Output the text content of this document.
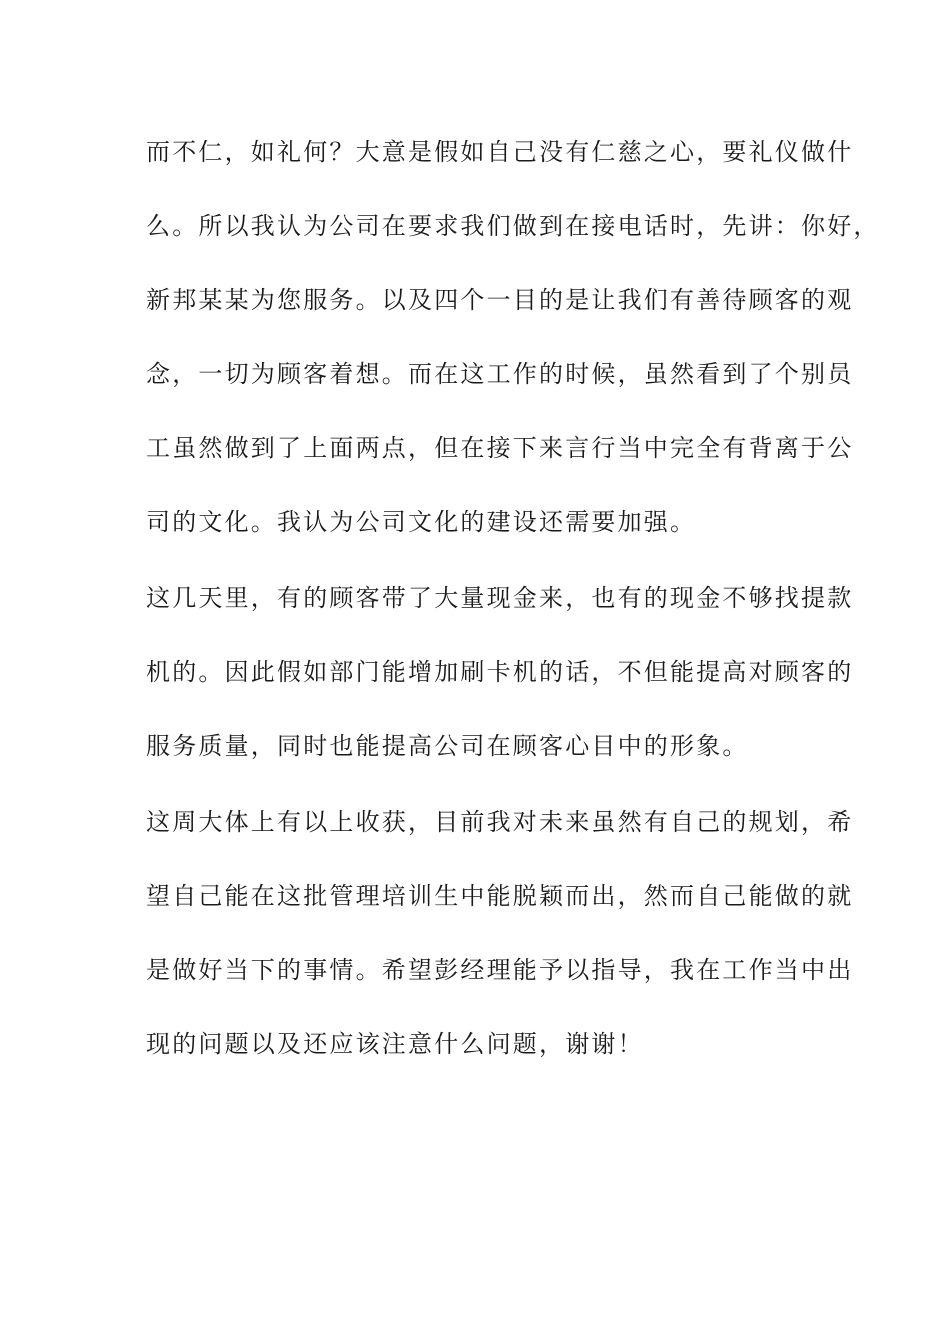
而不仁，如礼何？大意是假如自己没有仁慈之心，要礼仪做什
么。所以我认为公司在要求我们做到在接电话时，先讲：你好，
新邦某某为您服务。以及四个一目的是让我们有善待顾客的观
念，一切为顾客着想。而在这工作的时候，虽然看到了个别员
工虽然做到了上面两点，但在接下来言行当中完全有背离于公
司的文化。我认为公司文化的建设还需要加强。
这几天里，有的顾客带了大量现金来，也有的现金不够找提款
机的。因此假如部门能增加刷卡机的话，不但能提高对顾客的
服务质量，同时也能提高公司在顾客心目中的形象。
这周大体上有以上收获，目前我对未来虽然有自己的规划，希
望自己能在这批管理培训生中能脱颖而出，然而自己能做的就
是做好当下的事情。希望彭经理能予以指导，我在工作当中出
现的问题以及还应该注意什么问题，谢谢！
